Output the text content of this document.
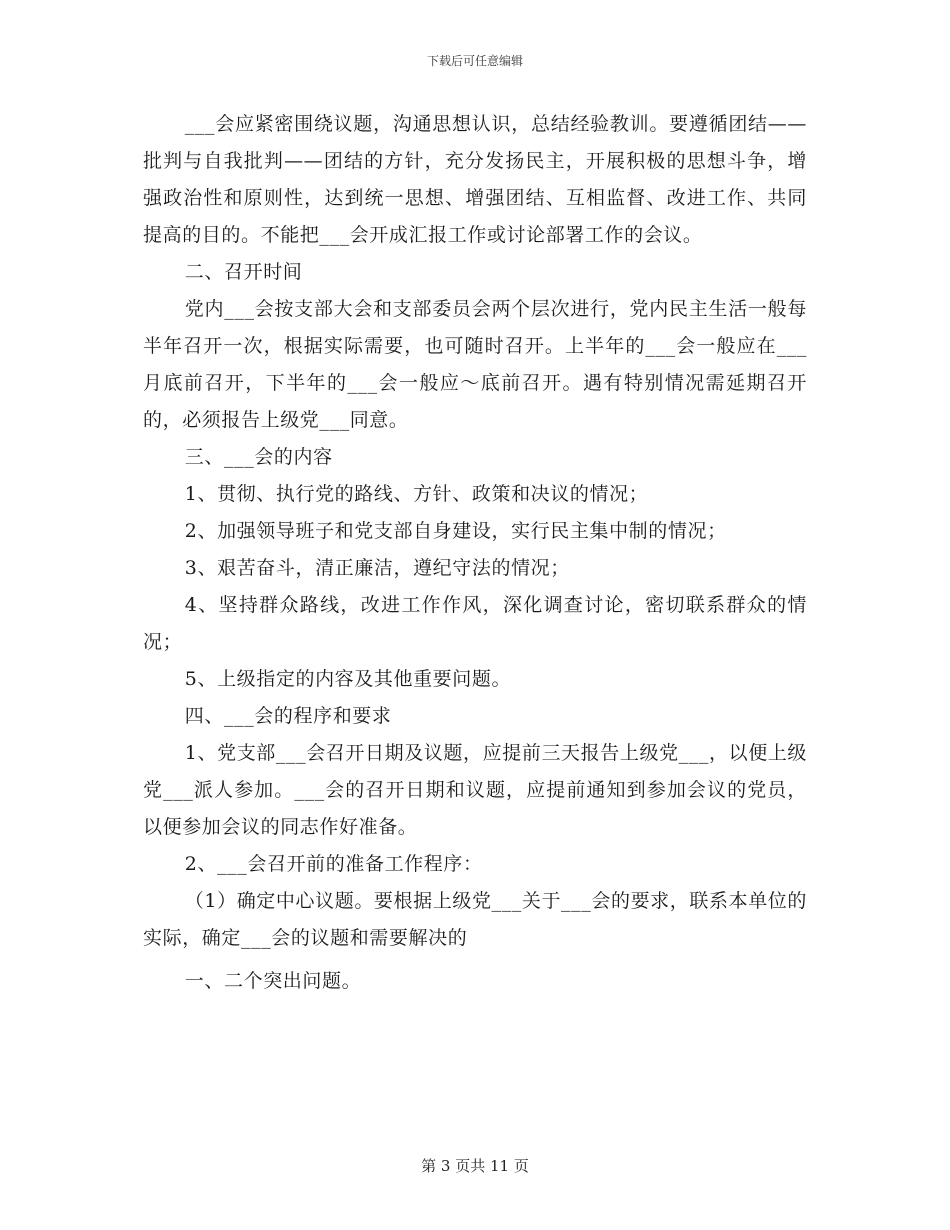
下载后可任意编辑

___会应紧密围绕议题，沟通思想认识，总结经验教训。要遵循团结——批判与自我批判——团结的方针，充分发扬民主，开展积极的思想斗争，增强政治性和原则性，达到统一思想、增强团结、互相监督、改进工作、共同提高的目的。不能把___会开成汇报工作或讨论部署工作的会议。

二、召开时间

党内___会按支部大会和支部委员会两个层次进行，党内民主生活一般每半年召开一次，根据实际需要，也可随时召开。上半年的___会一般应在___月底前召开，下半年的___会一般应～底前召开。遇有特别情况需延期召开的，必须报告上级党___同意。

三、___会的内容

1、贯彻、执行党的路线、方针、政策和决议的情况；

2、加强领导班子和党支部自身建设，实行民主集中制的情况；

3、艰苦奋斗，清正廉洁，遵纪守法的情况；

4、坚持群众路线，改进工作作风，深化调查讨论，密切联系群众的情况；

5、上级指定的内容及其他重要问题。

四、___会的程序和要求

1、党支部___会召开日期及议题，应提前三天报告上级党___，以便上级党___派人参加。___会的召开日期和议题，应提前通知到参加会议的党员，以便参加会议的同志作好准备。

2、___会召开前的准备工作程序：

（1）确定中心议题。要根据上级党___关于___会的要求，联系本单位的实际，确定___会的议题和需要解决的

一、二个突出问题。

第 3 页共 11 页
